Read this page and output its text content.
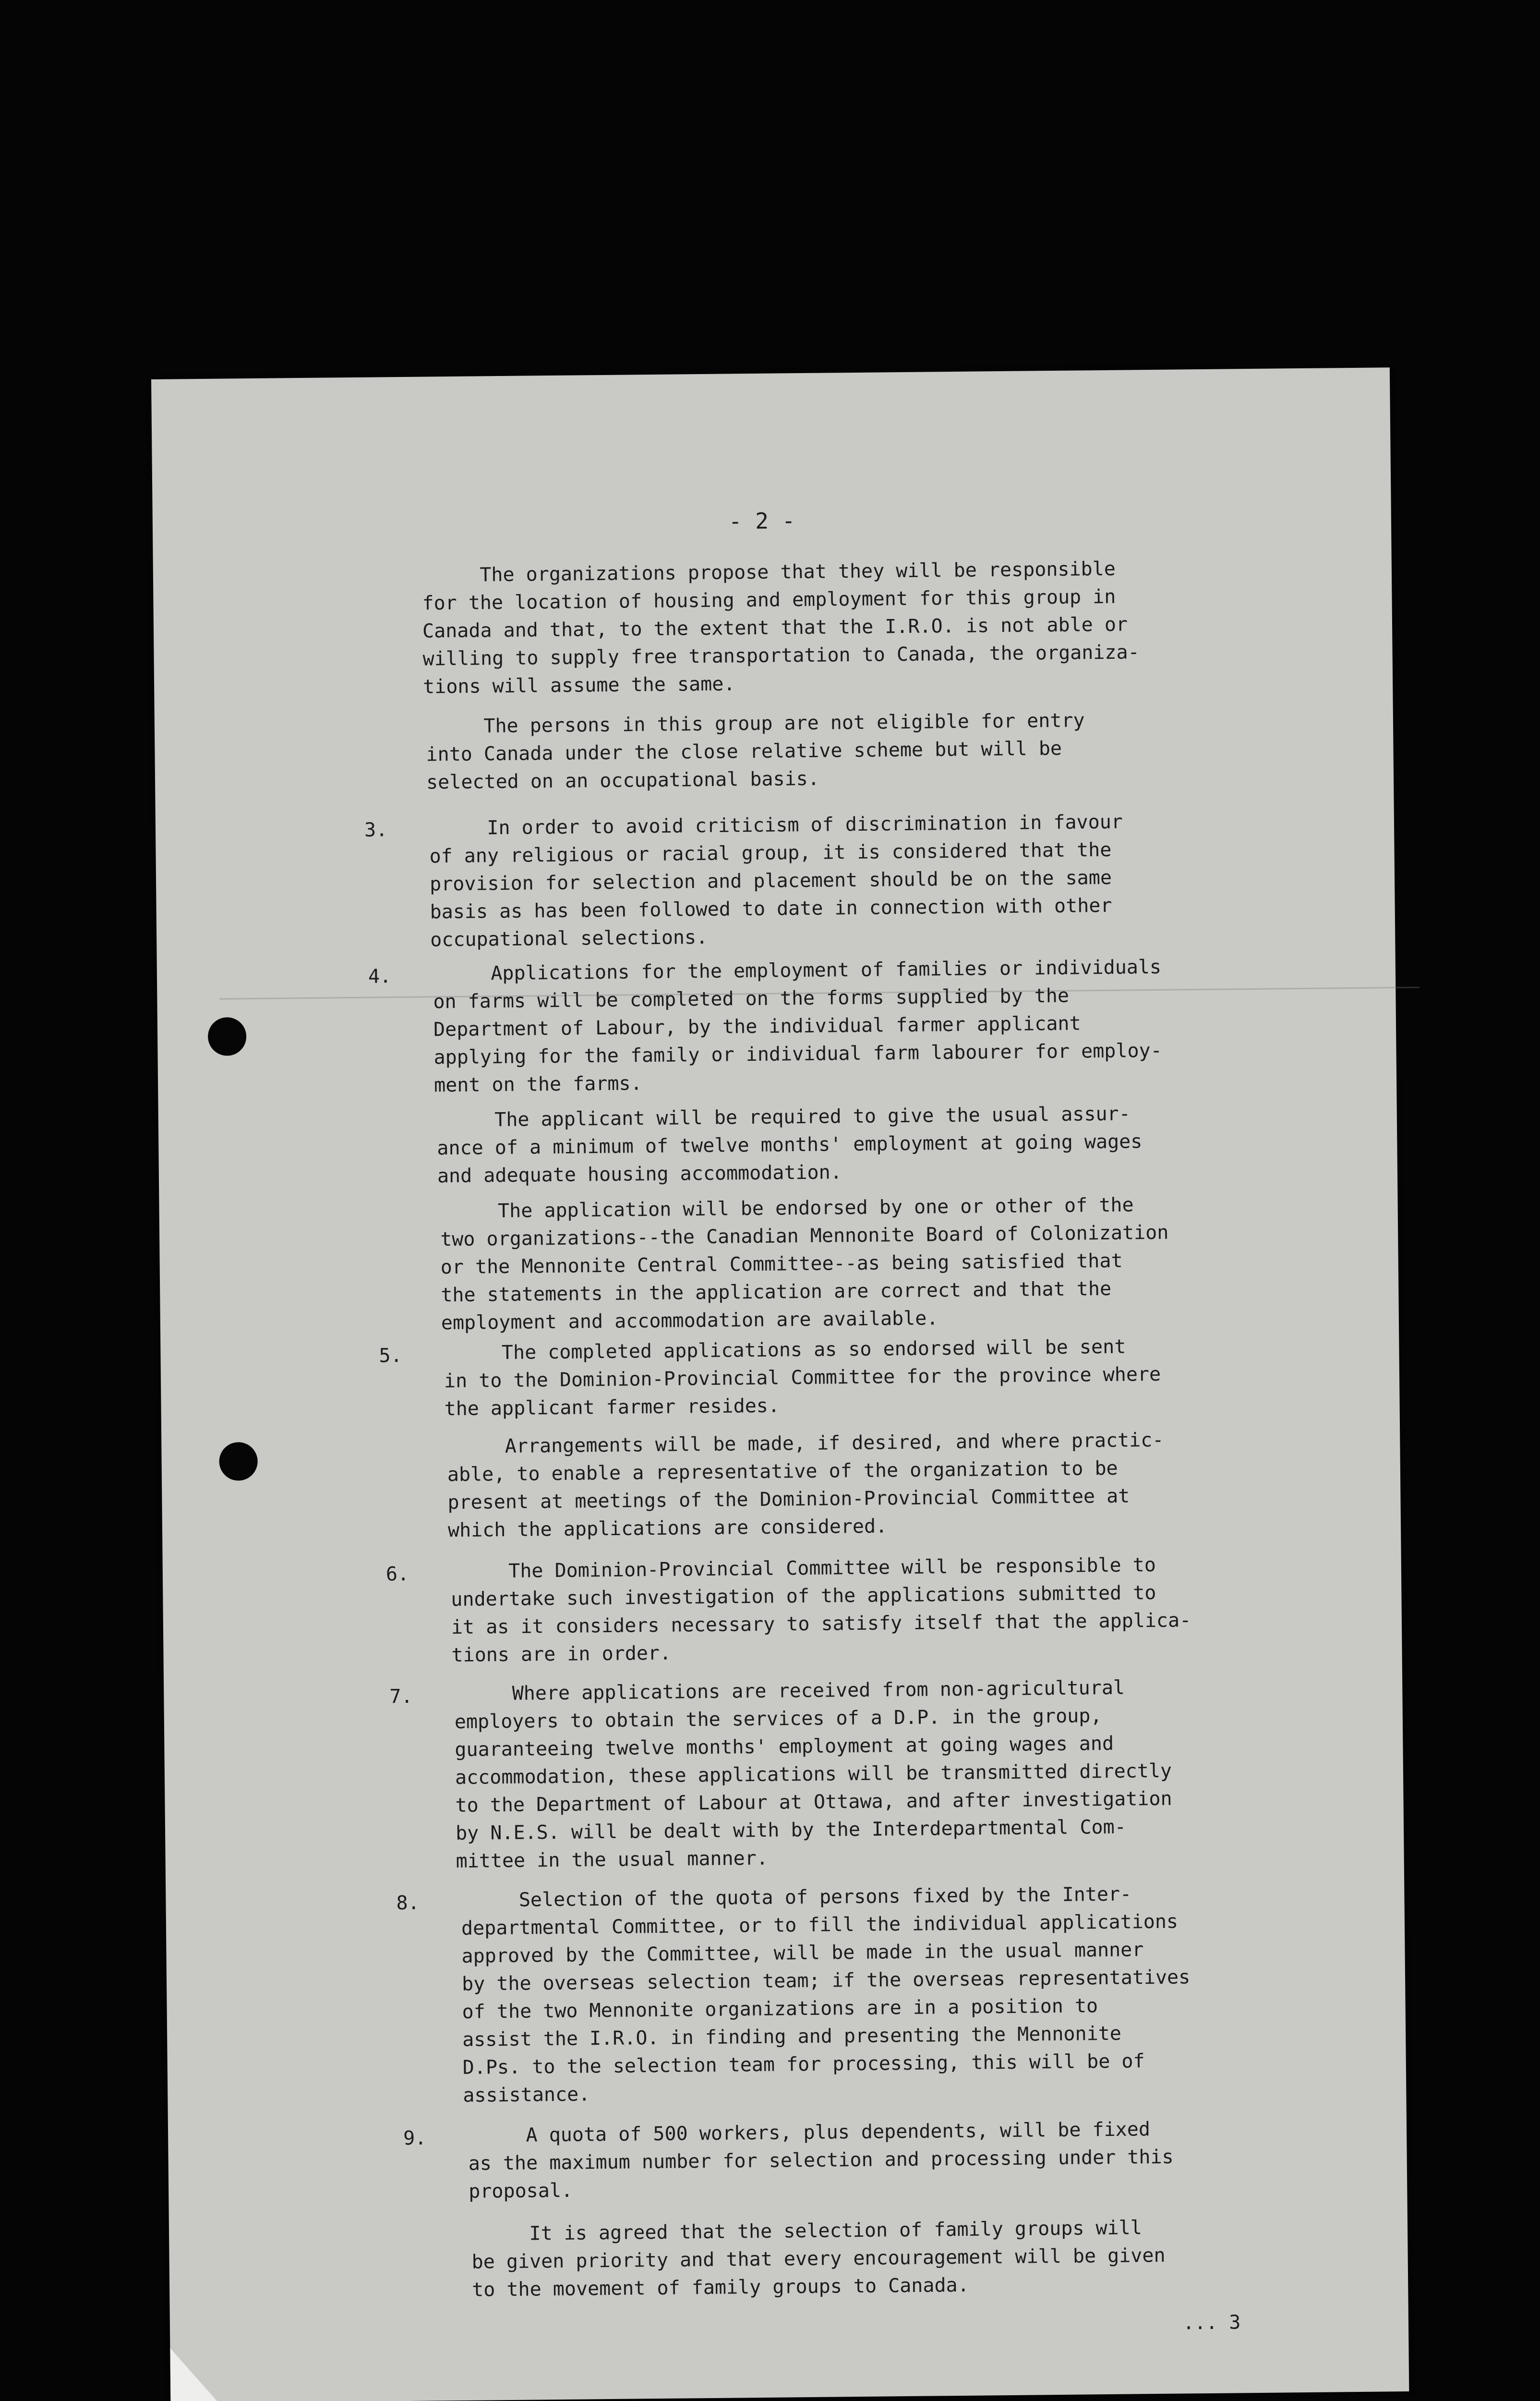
- 2 -
The organizations propose that they will be responsible
for the location of housing and employment for this group in
Canada and that, to the extent that the I.R.O. is not able or
willing to supply free transportation to Canada, the organiza-
tions will assume the same.
The persons in this group are not eligible for entry
into Canada under the close relative scheme but will be
selected on an occupational basis.
3. In order to avoid criticism of discrimination in favour
of any religious or racial group, it is considered that the
provision for selection and placement should be on the same
basis as has been followed to date in connection with other
occupational selections.
4. Applications for the employment of families or individuals
on farms will be completed on the forms supplied by the
Department of Labour, by the individual farmer applicant
applying for the family or individual farm labourer for employ-
ment on the farms.
The applicant will be required to give the usual assur-
ance of a minimum of twelve months' employment at going wages
and adequate housing accommodation.
The application will be endorsed by one or other of the
two organizations--the Canadian Mennonite Board of Colonization
or the Mennonite Central Committee--as being satisfied that
the statements in the application are correct and that the
employment and accommodation are available.
5. The completed applications as so endorsed will be sent
in to the Dominion-Provincial Committee for the province where
the applicant farmer resides.
Arrangements will be made, if desired, and where practic-
able, to enable a representative of the organization to be
present at meetings of the Dominion-Provincial Committee at
which the applications are considered.
6. The Dominion-Provincial Committee will be responsible to
undertake such investigation of the applications submitted to
it as it considers necessary to satisfy itself that the applica-
tions are in order.
7. Where applications are received from non-agricultural
employers to obtain the services of a D.P. in the group,
guaranteeing twelve months' employment at going wages and
accommodation, these applications will be transmitted directly
to the Department of Labour at Ottawa, and after investigation
by N.E.S. will be dealt with by the Interdepartmental Com-
mittee in the usual manner.
8. Selection of the quota of persons fixed by the Inter-
departmental Committee, or to fill the individual applications
approved by the Committee, will be made in the usual manner
by the overseas selection team; if the overseas representatives
of the two Mennonite organizations are in a position to
assist the I.R.O. in finding and presenting the Mennonite
D.Ps. to the selection team for processing, this will be of
assistance.
9. A quota of 500 workers, plus dependents, will be fixed
as the maximum number for selection and processing under this
proposal.
It is agreed that the selection of family groups will
be given priority and that every encouragement will be given
to the movement of family groups to Canada.
... 3
